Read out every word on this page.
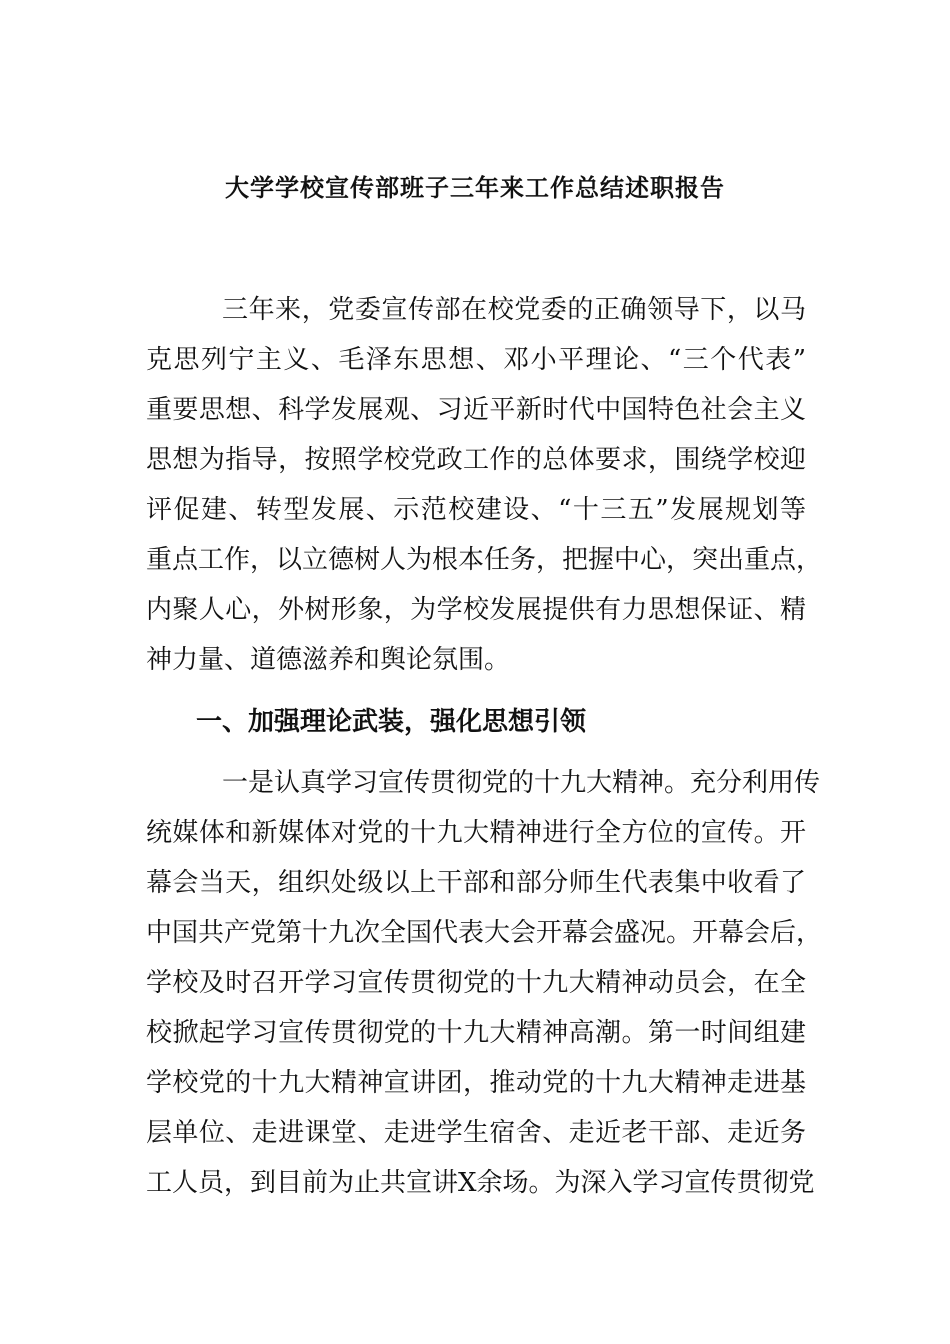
大学学校宣传部班子三年来工作总结述职报告
三年来，党委宣传部在校党委的正确领导下，以马
克思列宁主义、毛泽东思想、邓小平理论、“三个代表”
重要思想、科学发展观、习近平新时代中国特色社会主义
思想为指导，按照学校党政工作的总体要求，围绕学校迎
评促建、转型发展、示范校建设、“十三五”发展规划等
重点工作，以立德树人为根本任务，把握中心，突出重点，
内聚人心，外树形象，为学校发展提供有力思想保证、精
神力量、道德滋养和舆论氛围。
一、加强理论武装，强化思想引领
一是认真学习宣传贯彻党的十九大精神。充分利用传
统媒体和新媒体对党的十九大精神进行全方位的宣传。开
幕会当天，组织处级以上干部和部分师生代表集中收看了
中国共产党第十九次全国代表大会开幕会盛况。开幕会后，
学校及时召开学习宣传贯彻党的十九大精神动员会，在全
校掀起学习宣传贯彻党的十九大精神高潮。第一时间组建
学校党的十九大精神宣讲团，推动党的十九大精神走进基
层单位、走进课堂、走进学生宿舍、走近老干部、走近务
工人员，到目前为止共宣讲X余场。为深入学习宣传贯彻党
